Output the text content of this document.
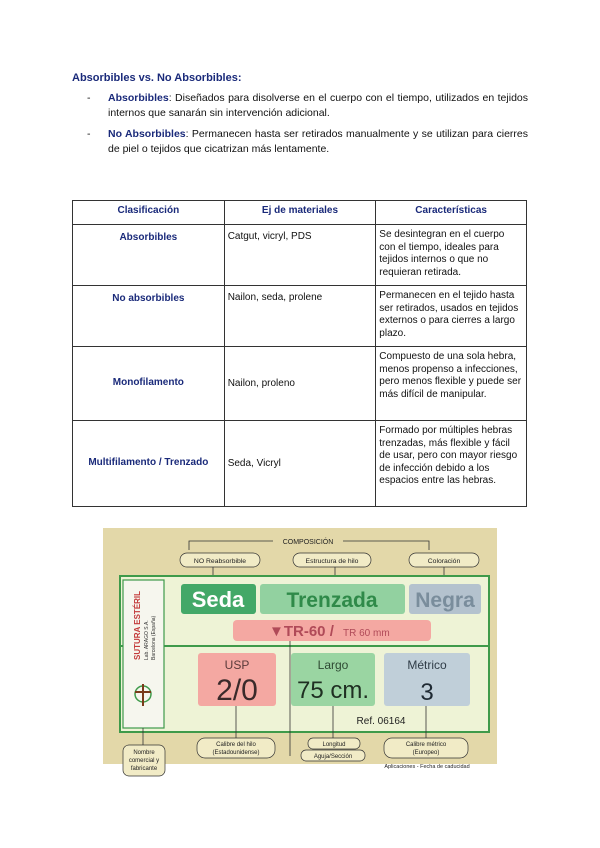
Absorbibles vs. No Absorbibles:
-	Absorbibles: Diseñados para disolverse en el cuerpo con el tiempo, utilizados en tejidos internos que sanarán sin intervención adicional.
-	No Absorbibles: Permanecen hasta ser retirados manualmente y se utilizan para cierres de piel o tejidos que cicatrizan más lentamente.
Clasificación	Ej de materiales	Características
Absorbibles	Catgut, vicryl, PDS	Se desintegran en el cuerpo con el tiempo, ideales para tejidos internos o que no requieran retirada.
No absorbibles	Nailon, seda, prolene	Permanecen en el tejido hasta ser retirados, usados en tejidos externos o para cierres a largo plazo.
Monofilamento	Nailon, proleno	Compuesto de una sola hebra, menos propenso a infecciones, pero menos flexible y puede ser más difícil de manipular.
Multifilamento / Trenzado	Seda, Vicryl	Formado por múltiples hebras trenzadas, más flexible y fácil de usar, pero con mayor riesgo de infección debido a los espacios entre las hebras.
COMPOSICIÓN
NO Reabsorbible	Estructura de hilo	Coloración
SUTURA ESTÉRIL Lab. ARAGO S.A. Barcelona (España)
Seda Trenzada Negra
▼TR-60 / TR 60 mm
USP
2/0
Largo
75 cm.
Métrico
3
Ref. 06164
Nombre
comercial y
fabricante
Calibre del hilo
(Estadounidense)
Longitud
Aguja/Sección
Calibre métrico
(Europeo)
Aplicaciones - Fecha de caducidad
